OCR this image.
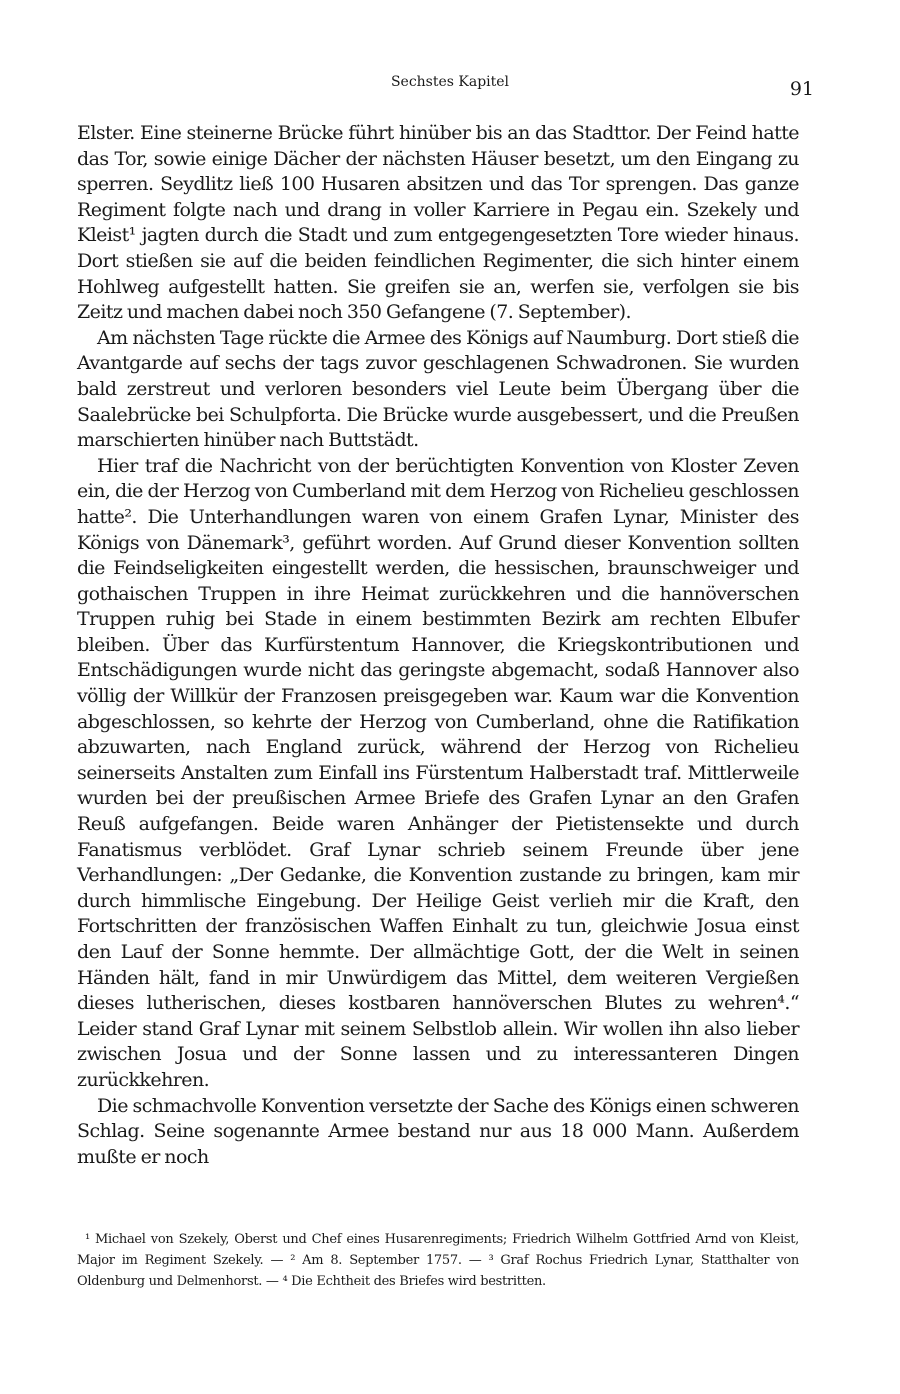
Sechstes Kapitel	91

Elster. Eine steinerne Brücke führt hinüber bis an das Stadttor. Der Feind hatte das Tor, sowie einige Dächer der nächsten Häuser besetzt, um den Eingang zu sperren. Seydlitz ließ 100 Husaren absitzen und das Tor sprengen. Das ganze Regiment folgte nach und drang in voller Karriere in Pegau ein. Szekely und Kleist¹ jagten durch die Stadt und zum entgegengesetzten Tore wieder hinaus. Dort stießen sie auf die beiden feindlichen Regimenter, die sich hinter einem Hohlweg aufgestellt hatten. Sie greifen sie an, werfen sie, verfolgen sie bis Zeitz und machen dabei noch 350 Gefangene (7. September).

Am nächsten Tage rückte die Armee des Königs auf Naumburg. Dort stieß die Avantgarde auf sechs der tags zuvor geschlagenen Schwadronen. Sie wurden bald zerstreut und verloren besonders viel Leute beim Übergang über die Saalebrücke bei Schulpforta. Die Brücke wurde ausgebessert, und die Preußen marschierten hinüber nach Buttstädt.

Hier traf die Nachricht von der berüchtigten Konvention von Kloster Zeven ein, die der Herzog von Cumberland mit dem Herzog von Richelieu geschlossen hatte². Die Unterhandlungen waren von einem Grafen Lynar, Minister des Königs von Dänemark³, geführt worden. Auf Grund dieser Konvention sollten die Feindseligkeiten eingestellt werden, die hessischen, braunschweiger und gothaischen Truppen in ihre Heimat zurückkehren und die hannöverschen Truppen ruhig bei Stade in einem bestimmten Bezirk am rechten Elbufer bleiben. Über das Kurfürstentum Hannover, die Kriegskontributionen und Entschädigungen wurde nicht das geringste abgemacht, sodaß Hannover also völlig der Willkür der Franzosen preisgegeben war. Kaum war die Konvention abgeschlossen, so kehrte der Herzog von Cumberland, ohne die Ratifikation abzuwarten, nach England zurück, während der Herzog von Richelieu seinerseits Anstalten zum Einfall ins Fürstentum Halberstadt traf. Mittlerweile wurden bei der preußischen Armee Briefe des Grafen Lynar an den Grafen Reuß aufgefangen. Beide waren Anhänger der Pietistensekte und durch Fanatismus verblödet. Graf Lynar schrieb seinem Freunde über jene Verhandlungen: „Der Gedanke, die Konvention zustande zu bringen, kam mir durch himmlische Eingebung. Der Heilige Geist verlieh mir die Kraft, den Fortschritten der französischen Waffen Einhalt zu tun, gleichwie Josua einst den Lauf der Sonne hemmte. Der allmächtige Gott, der die Welt in seinen Händen hält, fand in mir Unwürdigem das Mittel, dem weiteren Vergießen dieses lutherischen, dieses kostbaren hannöverschen Blutes zu wehren⁴.“ Leider stand Graf Lynar mit seinem Selbstlob allein. Wir wollen ihn also lieber zwischen Josua und der Sonne lassen und zu interessanteren Dingen zurückkehren.

Die schmachvolle Konvention versetzte der Sache des Königs einen schweren Schlag. Seine sogenannte Armee bestand nur aus 18 000 Mann. Außerdem mußte er noch

¹ Michael von Szekely, Oberst und Chef eines Husarenregiments; Friedrich Wilhelm Gottfried Arnd von Kleist, Major im Regiment Szekely. — ² Am 8. September 1757. — ³ Graf Rochus Friedrich Lynar, Statthalter von Oldenburg und Delmenhorst. — ⁴ Die Echtheit des Briefes wird bestritten.
